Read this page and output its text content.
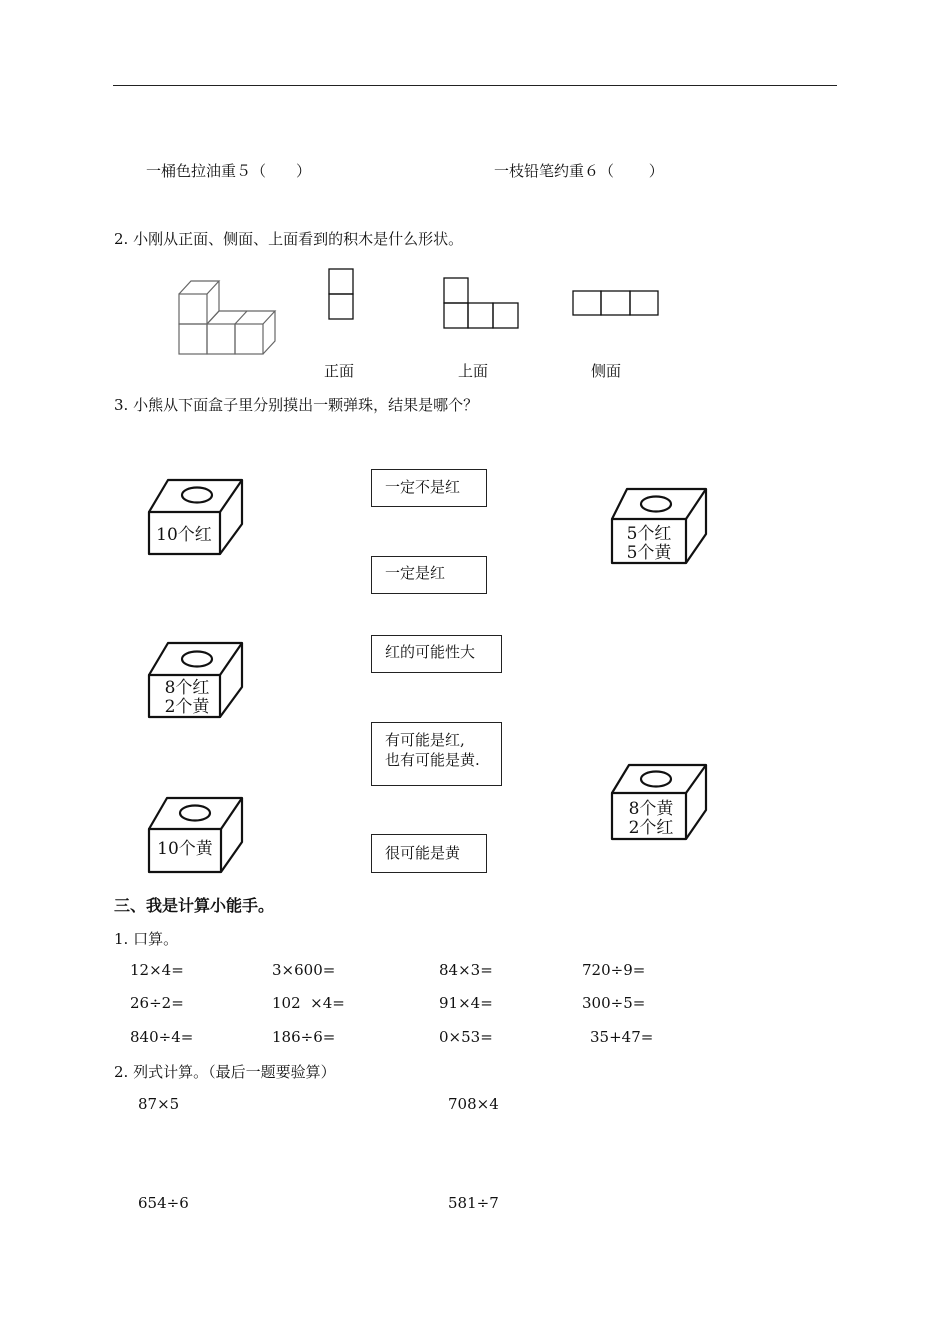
一桶色拉油重５（　　）	一枝铅笔约重６（　　 ）
2. 小刚从正面、侧面、上面看到的积木是什么形状。
正面	上面	侧面
3. 小熊从下面盒子里分别摸出一颗弹珠，结果是哪个？
10个红
8个红
2个黄
10个黄
5个红
5个黄
8个黄
2个红
一定不是红
一定是红
红的可能性大
有可能是红,
也有可能是黄.
很可能是黄
三、我是计算小能手。
1. 口算。
12×4=	3×600=	84×3=	720÷9=
26÷2=	102  ×4=	91×4=	300÷5=
840÷4=	186÷6=	0×53=	35+47=
2. 列式计算。（最后一题要验算）
87×5	708×4
654÷6	581÷7
